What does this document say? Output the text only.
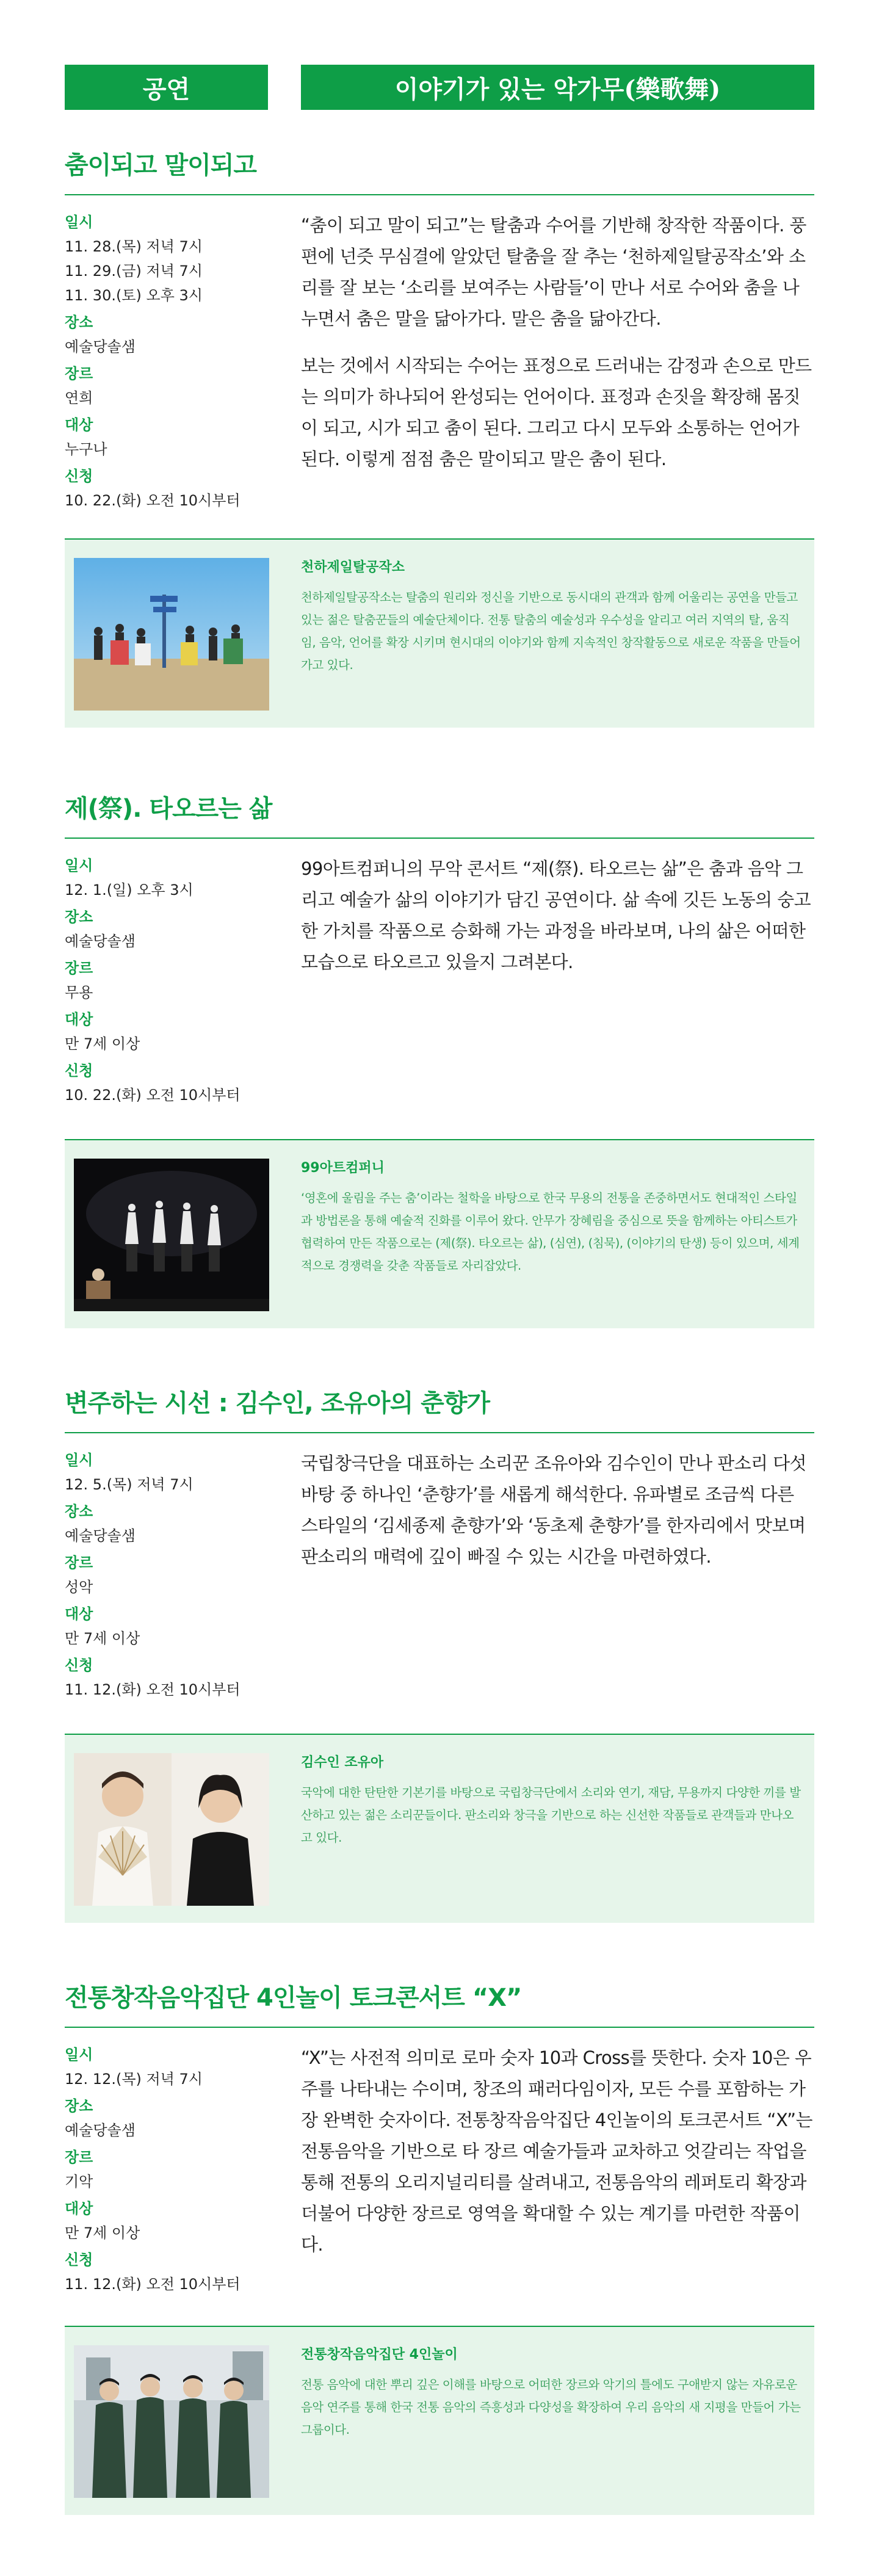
공연	이야기가 있는 악가무(樂歌舞)
춤이되고 말이되고
일시
11. 28.(목) 저녁 7시
11. 29.(금) 저녁 7시
11. 30.(토) 오후 3시
장소
예술당솔샘
장르
연희
대상
누구나
신청
10. 22.(화) 오전 10시부터

“춤이 되고 말이 되고”는 탈춤과 수어를 기반해 창작한 작품이다. 풍편에 넌즛 무심결에 알았던 탈춤을 잘 추는 ‘천하제일탈공작소’와 소리를 잘 보는 ‘소리를 보여주는 사람들’이 만나 서로 수어와 춤을 나누면서 춤은 말을 닮아가다. 말은 춤을 닮아간다.

보는 것에서 시작되는 수어는 표정으로 드러내는 감정과 손으로 만드는 의미가 하나되어 완성되는 언어이다. 표정과 손짓을 확장해 몸짓이 되고, 시가 되고 춤이 된다. 그리고 다시 모두와 소통하는 언어가 된다. 이렇게 점점 춤은 말이되고 말은 춤이 된다.

천하제일탈공작소
천하제일탈공작소는 탈춤의 원리와 정신을 기반으로 동시대의 관객과 함께 어울리는 공연을 만들고 있는 젊은 탈춤꾼들의 예술단체이다. 전통 탈춤의 예술성과 우수성을 알리고 여러 지역의 탈, 움직임, 음악, 언어를 확장 시키며 현시대의 이야기와 함께 지속적인 창작활동으로 새로운 작품을 만들어 가고 있다.
제(祭). 타오르는 삶
일시
12. 1.(일) 오후 3시
장소
예술당솔샘
장르
무용
대상
만 7세 이상
신청
10. 22.(화) 오전 10시부터

99아트컴퍼니의 무악 콘서트 “제(祭). 타오르는 삶”은 춤과 음악 그리고 예술가 삶의 이야기가 담긴 공연이다. 삶 속에 깃든 노동의 숭고한 가치를 작품으로 승화해 가는 과정을 바라보며, 나의 삶은 어떠한 모습으로 타오르고 있을지 그려본다.

99아트컴퍼니
‘영혼에 울림을 주는 춤’이라는 철학을 바탕으로 한국 무용의 전통을 존중하면서도 현대적인 스타일과 방법론을 통해 예술적 진화를 이루어 왔다. 안무가 장혜림을 중심으로 뜻을 함께하는 아티스트가 협력하여 만든 작품으로는 (제(祭). 타오르는 삶), (심연), (침묵), (이야기의 탄생) 등이 있으며, 세계적으로 경쟁력을 갖춘 작품들로 자리잡았다.
변주하는 시선 : 김수인, 조유아의 춘향가
일시
12. 5.(목) 저녁 7시
장소
예술당솔샘
장르
성악
대상
만 7세 이상
신청
11. 12.(화) 오전 10시부터

국립창극단을 대표하는 소리꾼 조유아와 김수인이 만나 판소리 다섯 바탕 중 하나인 ‘춘향가’를 새롭게 해석한다. 유파별로 조금씩 다른 스타일의 ‘김세종제 춘향가’와 ‘동초제 춘향가’를 한자리에서 맛보며 판소리의 매력에 깊이 빠질 수 있는 시간을 마련하였다.

김수인 조유아
국악에 대한 탄탄한 기본기를 바탕으로 국립창극단에서 소리와 연기, 재담, 무용까지 다양한 끼를 발산하고 있는 젊은 소리꾼들이다. 판소리와 창극을 기반으로 하는 신선한 작품들로 관객들과 만나오고 있다.
전통창작음악집단 4인놀이 토크콘서트 “X”
일시
12. 12.(목) 저녁 7시
장소
예술당솔샘
장르
기악
대상
만 7세 이상
신청
11. 12.(화) 오전 10시부터

“X”는 사전적 의미로 로마 숫자 10과 Cross를 뜻한다. 숫자 10은 우주를 나타내는 수이며, 창조의 패러다임이자, 모든 수를 포함하는 가장 완벽한 숫자이다. 전통창작음악집단 4인놀이의 토크콘서트 “X”는 전통음악을 기반으로 타 장르 예술가들과 교차하고 엇갈리는 작업을 통해 전통의 오리지널리티를 살려내고, 전통음악의 레퍼토리 확장과 더불어 다양한 장르로 영역을 확대할 수 있는 계기를 마련한 작품이다.

전통창작음악집단 4인놀이
전통 음악에 대한 뿌리 깊은 이해를 바탕으로 어떠한 장르와 악기의 틀에도 구애받지 않는 자유로운 음악 연주를 통해 한국 전통 음악의 즉흥성과 다양성을 확장하여 우리 음악의 새 지평을 만들어 가는 그룹이다.
